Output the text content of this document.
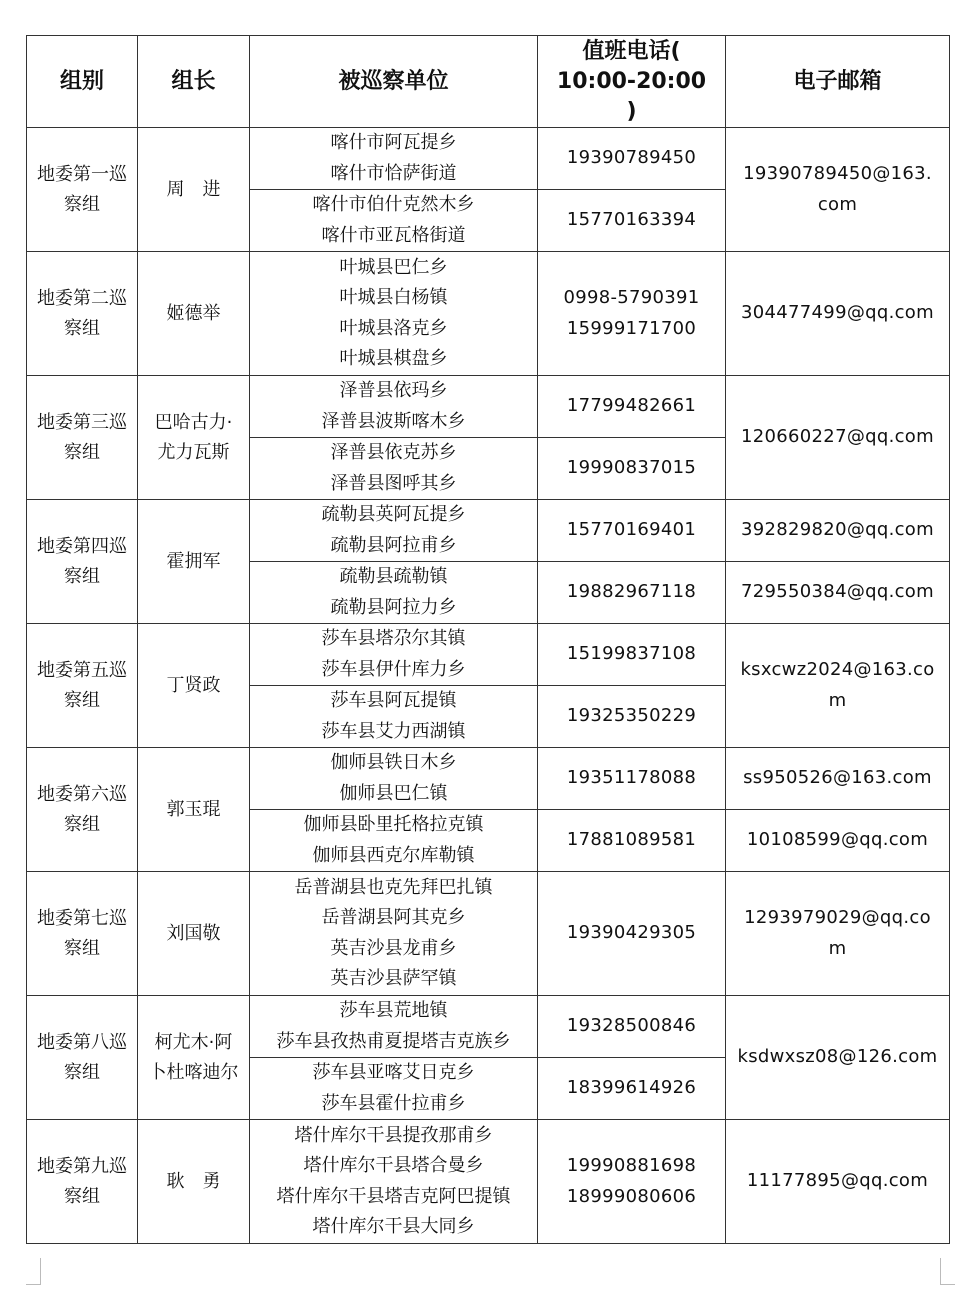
组别	组长	被巡察单位	值班电话(
10:00-20:00
)	电子邮箱

地委第一巡
察组	周　进	喀什市阿瓦提乡
喀什市恰萨街道	19390789450	19390789450@163.
com

		喀什市伯什克然木乡
喀什市亚瓦格街道	15770163394	

地委第二巡
察组	姬德举	叶城县巴仁乡
叶城县白杨镇
叶城县洛克乡
叶城县棋盘乡	0998-5790391
15999171700	304477499@qq.com

地委第三巡
察组	巴哈古力·
尤力瓦斯	泽普县依玛乡
泽普县波斯喀木乡	17799482661	120660227@qq.com

		泽普县依克苏乡
泽普县图呼其乡	19990837015	

地委第四巡
察组	霍拥军	疏勒县英阿瓦提乡
疏勒县阿拉甫乡	15770169401	392829820@qq.com

		疏勒县疏勒镇
疏勒县阿拉力乡	19882967118	729550384@qq.com

地委第五巡
察组	丁贤政	莎车县塔尕尔其镇
莎车县伊什库力乡	15199837108	ksxcwz2024@163.co
m

		莎车县阿瓦提镇
莎车县艾力西湖镇	19325350229	

地委第六巡
察组	郭玉琨	伽师县铁日木乡
伽师县巴仁镇	19351178088	ss950526@163.com

		伽师县卧里托格拉克镇
伽师县西克尔库勒镇	17881089581	10108599@qq.com

地委第七巡
察组	刘国敬	岳普湖县也克先拜巴扎镇
岳普湖县阿其克乡
英吉沙县龙甫乡
英吉沙县萨罕镇	19390429305	1293979029@qq.co
m

地委第八巡
察组	柯尤木·阿
卜杜喀迪尔	莎车县荒地镇
莎车县孜热甫夏提塔吉克族乡	19328500846	ksdwxsz08@126.com

		莎车县亚喀艾日克乡
莎车县霍什拉甫乡	18399614926	

地委第九巡
察组	耿　勇	塔什库尔干县提孜那甫乡
塔什库尔干县塔合曼乡
塔什库尔干县塔吉克阿巴提镇
塔什库尔干县大同乡	19990881698
18999080606	11177895@qq.com
